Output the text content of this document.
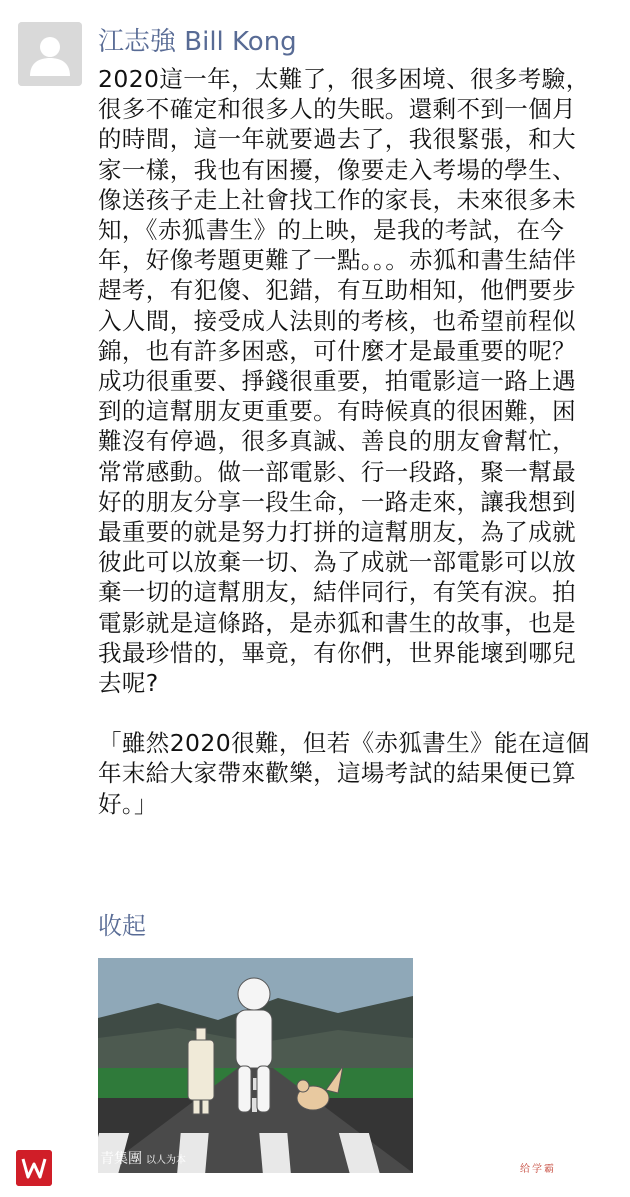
江志強 Bill Kong

2020這一年，太難了，很多困境、很多考驗，很多不確定和很多人的失眠。還剩不到一個月的時間，這一年就要過去了，我很緊張，和大家一樣，我也有困擾，像要走入考場的學生、像送孩子走上社會找工作的家長，未來很多未知，《赤狐書生》的上映，是我的考試，在今年，好像考題更難了一點。。。赤狐和書生結伴趕考，有犯傻、犯錯，有互助相知，他們要步入人間，接受成人法則的考核，也希望前程似錦，也有許多困惑，可什麼才是最重要的呢？成功很重要、掙錢很重要，拍電影這一路上遇到的這幫朋友更重要。有時候真的很困難，困難沒有停過，很多真誠、善良的朋友會幫忙，常常感動。做一部電影、行一段路，聚一幫最好的朋友分享一段生命，一路走來，讓我想到最重要的就是努力打拼的這幫朋友，為了成就彼此可以放棄一切、為了成就一部電影可以放棄一切的這幫朋友，結伴同行，有笑有淚。拍電影就是這條路，是赤狐和書生的故事，也是我最珍惜的，畢竟，有你們，世界能壞到哪兒去呢?

「雖然2020很難，但若《赤狐書生》能在這個年末給大家帶來歡樂，這場考試的結果便已算好。」

收起
青集團 以人为本
给学霸
